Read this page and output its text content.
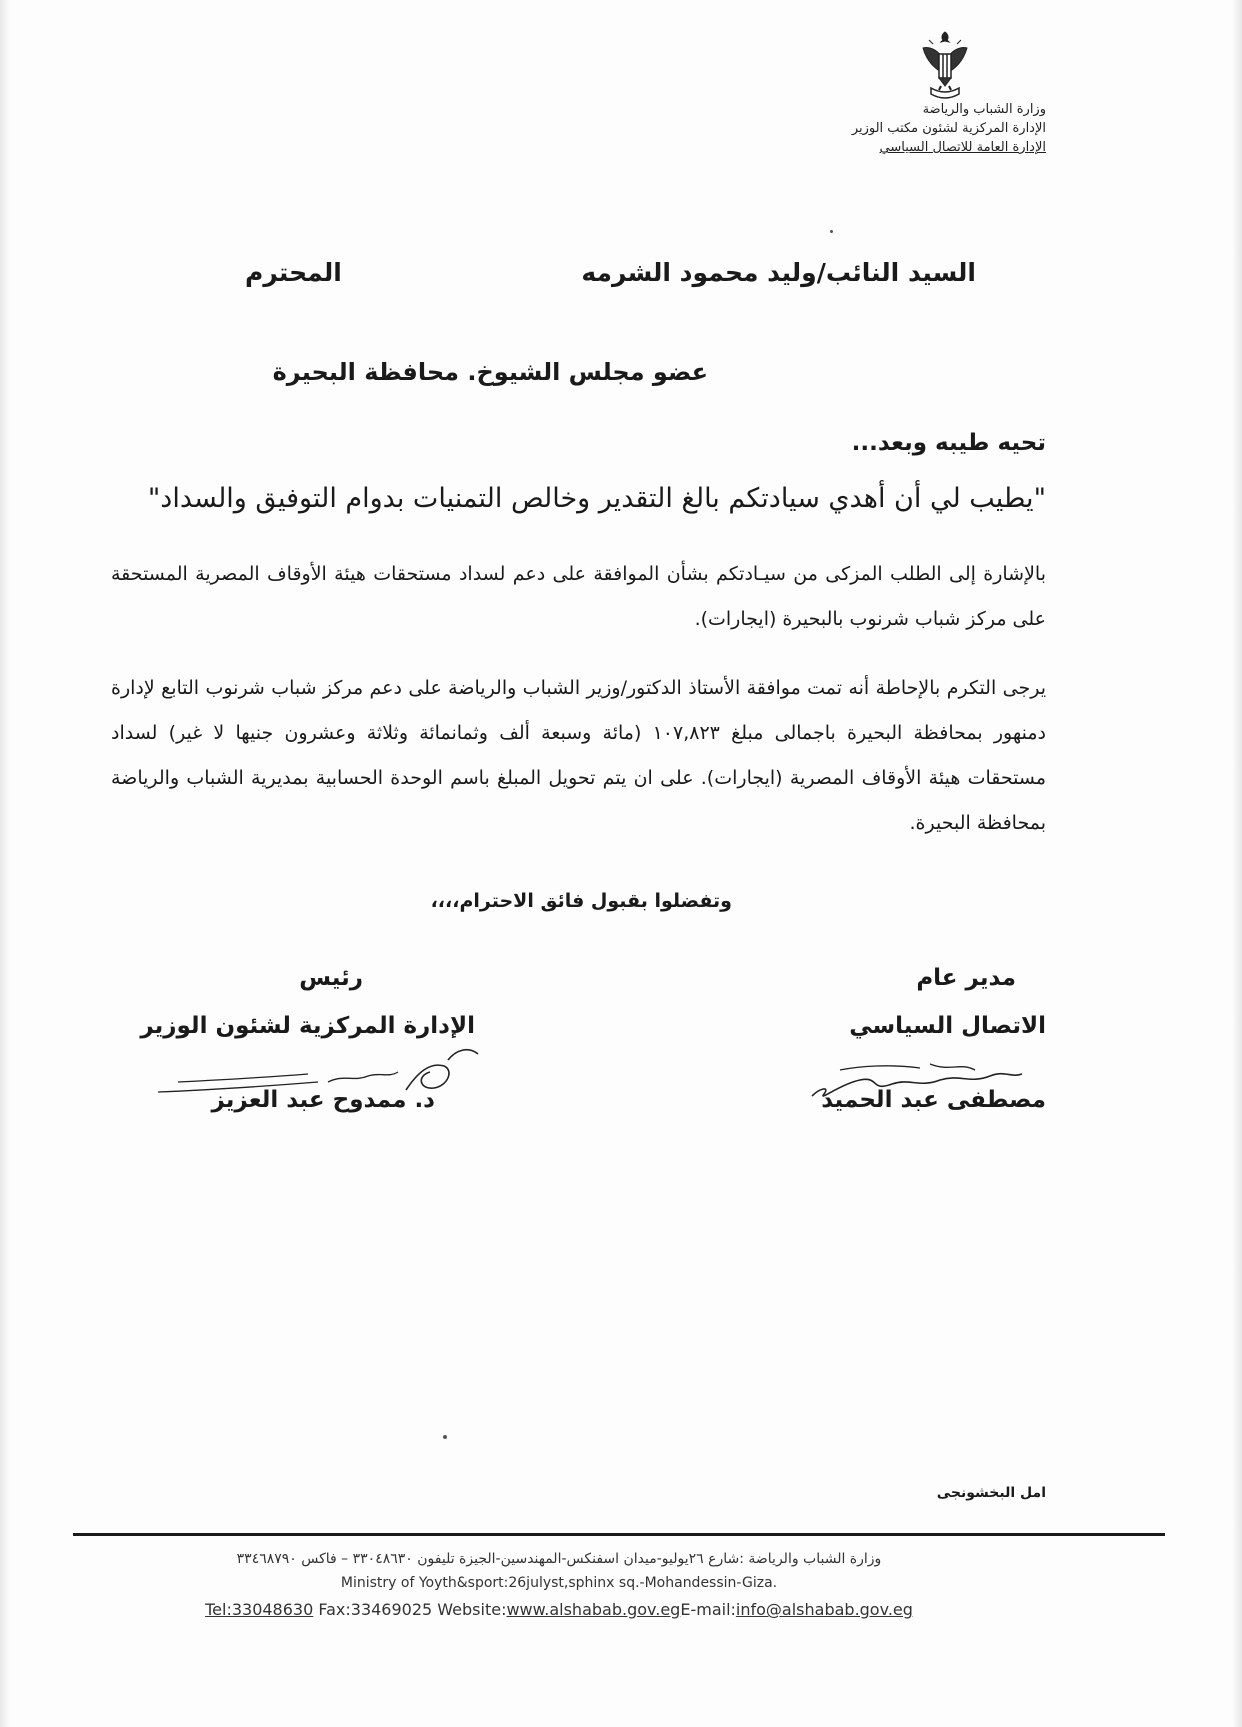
وزارة الشباب والرياضة
الإدارة المركزية لشئون مكتب الوزير
الإدارة العامة للاتصال السياسي
السيد النائب/وليد محمود الشرمه
المحترم
عضو مجلس الشيوخ. محافظة البحيرة
تحيه طيبه وبعد...
"يطيب لي أن أهدي سيادتكم بالغ التقدير وخالص التمنيات بدوام التوفيق والسداد"
بالإشارة إلى الطلب المزكى من سيـادتكم بشأن الموافقة على دعم لسداد مستحقات هيئة الأوقاف المصرية المستحقة على مركز شباب شرنوب بالبحيرة (ايجارات).
يرجى التكرم بالإحاطة أنه تمت موافقة الأستاذ الدكتور/وزير الشباب والرياضة على دعم مركز شباب شرنوب التابع لإدارة دمنهور بمحافظة البحيرة باجمالى مبلغ ١٠٧,٨٢٣ (مائة وسبعة ألف وثمانمائة وثلاثة وعشرون جنيها لا غير) لسداد مستحقات هيئة الأوقاف المصرية (ايجارات). على ان يتم تحويل المبلغ باسم الوحدة الحسابية بمديرية الشباب والرياضة بمحافظة البحيرة.
وتفضلوا بقبول فائق الاحترام،،،،
مدير عام
الاتصال السياسي
مصطفى عبد الحميد
رئيس
الإدارة المركزية لشئون الوزير
د. ممدوح عبد العزيز
امل البخشونجى
وزارة الشباب والرياضة :شارع ٢٦يوليو-ميدان اسفنكس-المهندسين-الجيزة تليفون ٣٣٠٤٨٦٣٠ – فاكس ٣٣٤٦٨٧٩٠
Ministry of Yoyth&sport:26julyst,sphinx sq.-Mohandessin-Giza.
Tel:33048630 Fax:33469025 Website:www.alshabab.gov.egE-mail:info@alshabab.gov.eg
